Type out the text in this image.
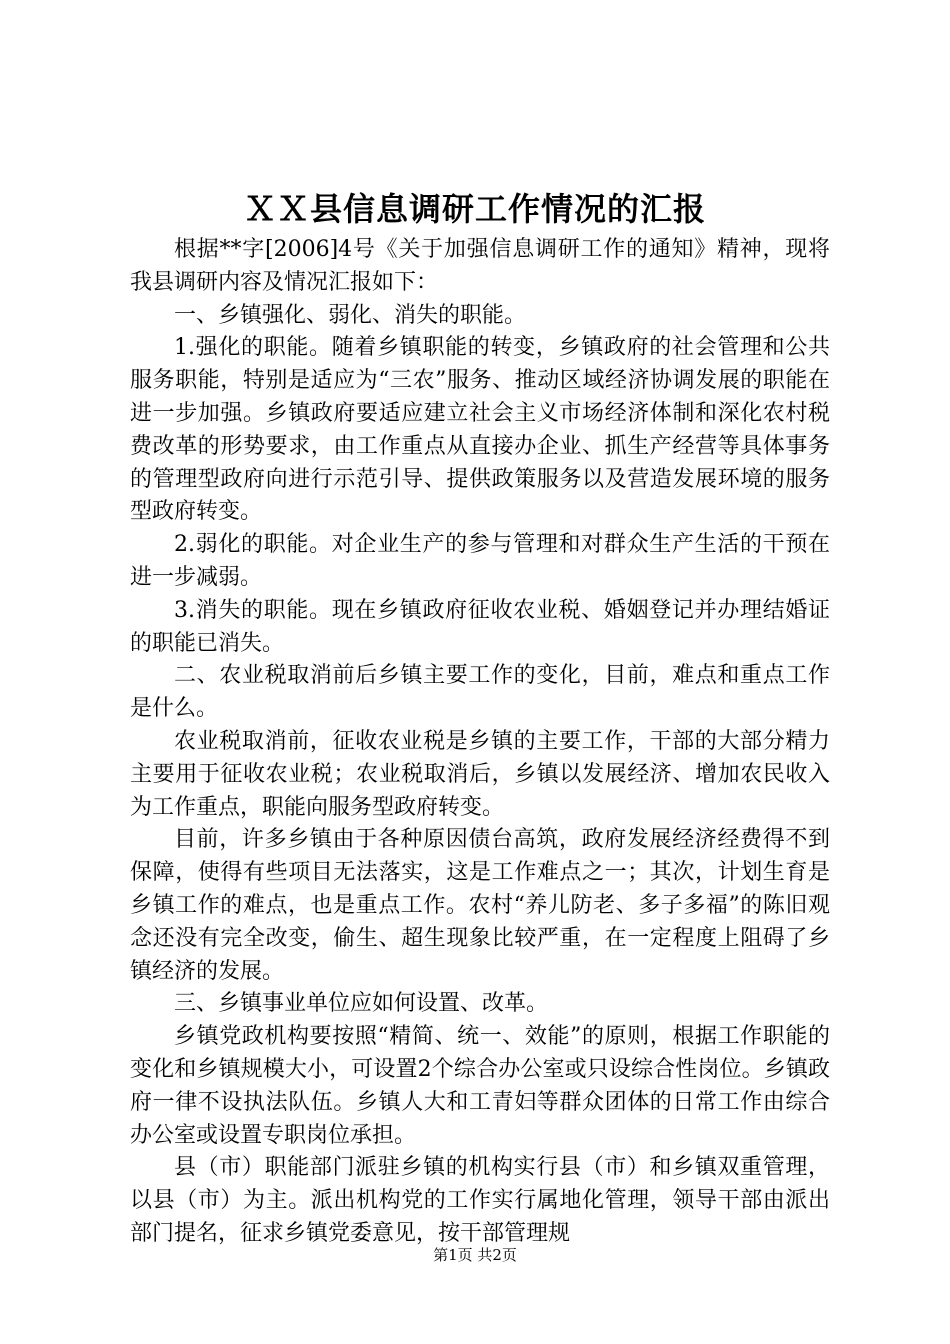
ＸＸ县信息调研工作情况的汇报

根据**字[2006]4号《关于加强信息调研工作的通知》精神，现将我县调研内容及情况汇报如下：

一、乡镇强化、弱化、消失的职能。

1.强化的职能。随着乡镇职能的转变，乡镇政府的社会管理和公共服务职能，特别是适应为“三农”服务、推动区域经济协调发展的职能在进一步加强。乡镇政府要适应建立社会主义市场经济体制和深化农村税费改革的形势要求，由工作重点从直接办企业、抓生产经营等具体事务的管理型政府向进行示范引导、提供政策服务以及营造发展环境的服务型政府转变。

2.弱化的职能。对企业生产的参与管理和对群众生产生活的干预在进一步减弱。

3.消失的职能。现在乡镇政府征收农业税、婚姻登记并办理结婚证的职能已消失。

二、农业税取消前后乡镇主要工作的变化，目前，难点和重点工作是什么。

农业税取消前，征收农业税是乡镇的主要工作，干部的大部分精力主要用于征收农业税；农业税取消后，乡镇以发展经济、增加农民收入为工作重点，职能向服务型政府转变。

目前，许多乡镇由于各种原因债台高筑，政府发展经济经费得不到保障，使得有些项目无法落实，这是工作难点之一；其次，计划生育是乡镇工作的难点，也是重点工作。农村“养儿防老、多子多福”的陈旧观念还没有完全改变，偷生、超生现象比较严重，在一定程度上阻碍了乡镇经济的发展。

三、乡镇事业单位应如何设置、改革。

乡镇党政机构要按照“精简、统一、效能”的原则，根据工作职能的变化和乡镇规模大小，可设置2个综合办公室或只设综合性岗位。乡镇政府一律不设执法队伍。乡镇人大和工青妇等群众团体的日常工作由综合办公室或设置专职岗位承担。

县（市）职能部门派驻乡镇的机构实行县（市）和乡镇双重管理，以县（市）为主。派出机构党的工作实行属地化管理，领导干部由派出部门提名，征求乡镇党委意见，按干部管理规

第1页 共2页
